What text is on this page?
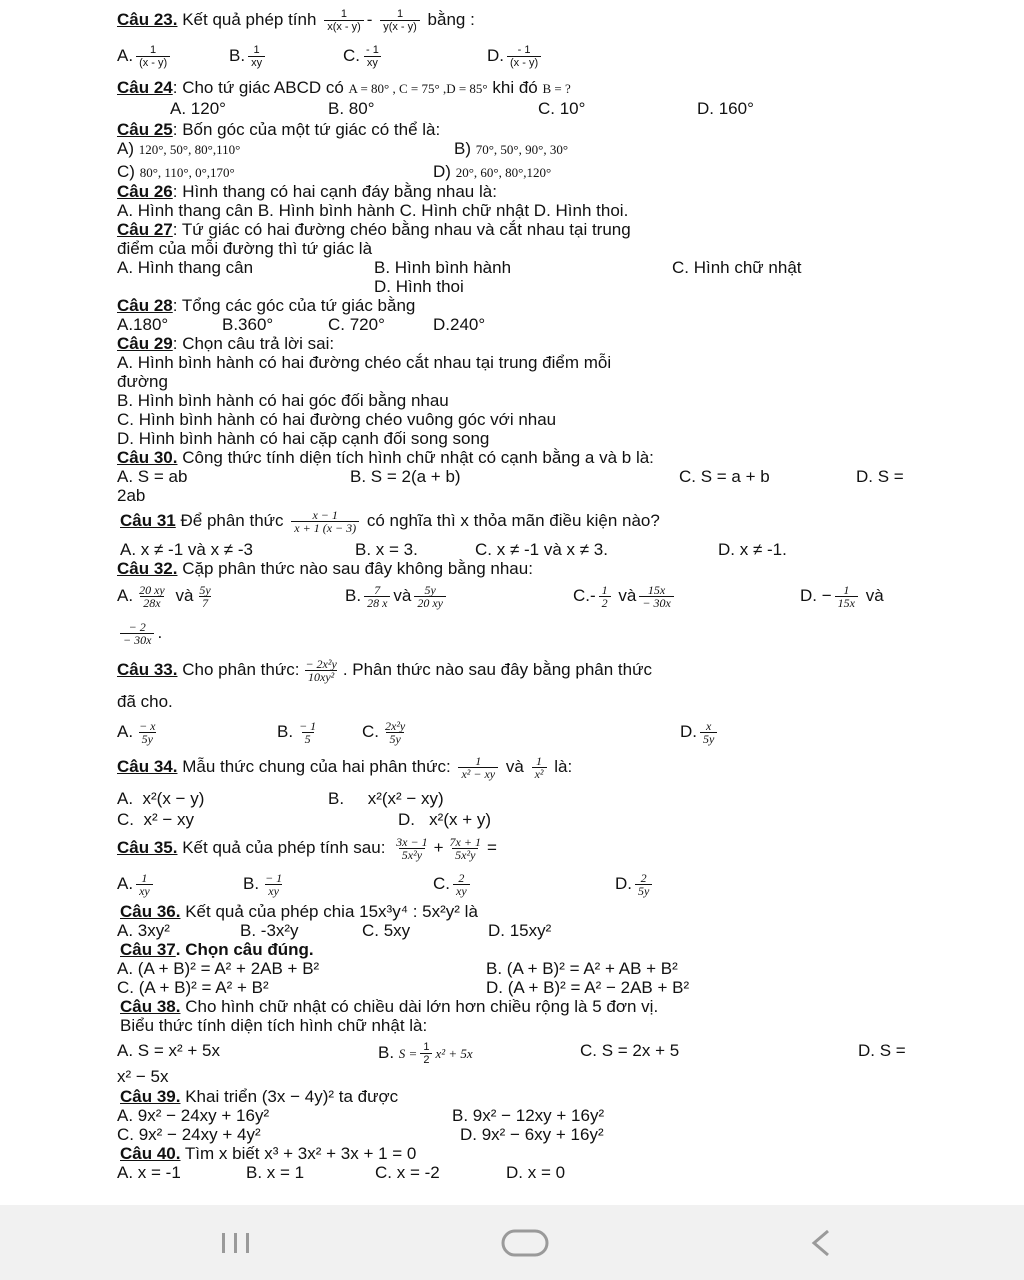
Câu 23. Kết quả phép tính $\frac{1}{x(x - y)} - \frac{1}{y(x - y)}$ bằng :
A. $\frac{1}{(x - y)}$	B. $\frac{1}{xy}$	C. $\frac{- 1}{xy}$	D. $\frac{- 1}{(x - y)}$
Câu 24: Cho tứ giác ABCD có A = 80° , C = 75° ,D = 85° khi đó B = ?
A. 120°	B. 80°	C. 10°	D. 160°
Câu 25: Bốn góc của một tứ giác có thể là:
A) 120°, 50°, 80°,110°	B) 70°, 50°, 90°, 30°
C) 80°, 110°, 0°,170°	D) 20°, 60°, 80°,120°
Câu 26: Hình thang có hai cạnh đáy bằng nhau là:
A. Hình thang cân B. Hình bình hành C. Hình chữ nhật D. Hình thoi.
Câu 27: Tứ giác có hai đường chéo bằng nhau và cắt nhau tại trung
điểm của mỗi đường thì tứ giác là
A. Hình thang cân	B. Hình bình hành	C. Hình chữ nhật
D. Hình thoi
Câu 28: Tổng các góc của tứ giác bằng
A.180°	B.360°	C. 720°	D.240°
Câu 29: Chọn câu trả lời sai:
A. Hình bình hành có hai đường chéo cắt nhau tại trung điểm mỗi
đường
B. Hình bình hành có hai góc đối bằng nhau
C. Hình bình hành có hai đường chéo vuông góc với nhau
D. Hình bình hành có hai cặp cạnh đối song song
Câu 30. Công thức tính diện tích hình chữ nhật có cạnh bằng a và b là:
A. S = ab	B. S = 2(a + b)	C. S = a + b	D. S =
2ab
Câu 31 Để phân thức $\frac{x - 1}{x + 1 (x - 3)}$ có nghĩa thì x thỏa mãn điều kiện nào?
A. x ≠ -1 và x ≠ -3	B. x = 3.	C. x ≠ -1 và x ≠ 3.	D. x ≠ -1.
Câu 32. Cặp phân thức nào sau đây không bằng nhau:
A. $\frac{20 xy}{28x}$ và $\frac{5y}{7}$	B. $\frac{7}{28 x}$ và $\frac{5y}{20 xy}$	$C.- \frac{1}{2}$ và $\frac{15x}{- 30x}$	D. − $\frac{1}{15x}$ và
$\frac{- 2}{- 30x}$ .
Câu 33. Cho phân thức: $\frac{\text{− 2x²y}}{\text{10xy²}}$ . Phân thức nào sau đây bằng phân thức
đã cho.
A. $\frac{- x}{5y}$	B. $\frac{- 1}{5}$	C. $\frac{\text{2x²y}}{5y}$	D. $\frac{x}{5y}$
Câu 34. Mẫu thức chung của hai phân thức: $\frac{1}{\text{x² − xy}}$ và $\frac{1}{\text{x²}}$ là:
A. x²(x − y)	B. x²(x² − xy)
C. x² − xy	D. x²(x + y)
Câu 35. Kết quả của phép tính sau: $\frac{3x - 1}{\text{5x²y}} + \frac{7x + 1}{\text{5x²y}}$ =
A. $\frac{1}{xy}$	B. $\frac{- 1}{xy}$	C. $\frac{2}{xy}$	D. $\frac{2}{5y}$
Câu 36. Kết quả của phép chia 15x³y⁴ : 5x²y² là
A. 3xy²	B. -3x²y	C. 5xy	D. 15xy²
Câu 37. Chọn câu đúng.
A. (A + B)² = A² + 2AB + B²	B. (A + B)² = A² + AB + B²
C. (A + B)² = A² + B²	D. (A + B)² = A² − 2AB + B²
Câu 38. Cho hình chữ nhật có chiều dài lớn hơn chiều rộng là 5 đơn vị.
Biểu thức tính diện tích hình chữ nhật là:
A. S = x² + 5x	B. $S = \frac{1}{2} x^2 + 5x$	C. S = 2x + 5	D. S =
x² − 5x
Câu 39. Khai triển (3x − 4y)² ta được
A. 9x² − 24xy + 16y²	B. 9x² − 12xy + 16y²
C. 9x² − 24xy + 4y²	D. 9x² − 6xy + 16y²
Câu 40. Tìm x biết x³ + 3x² + 3x + 1 = 0
A. x = -1	B. x = 1	C. x = -2	D. x = 0
